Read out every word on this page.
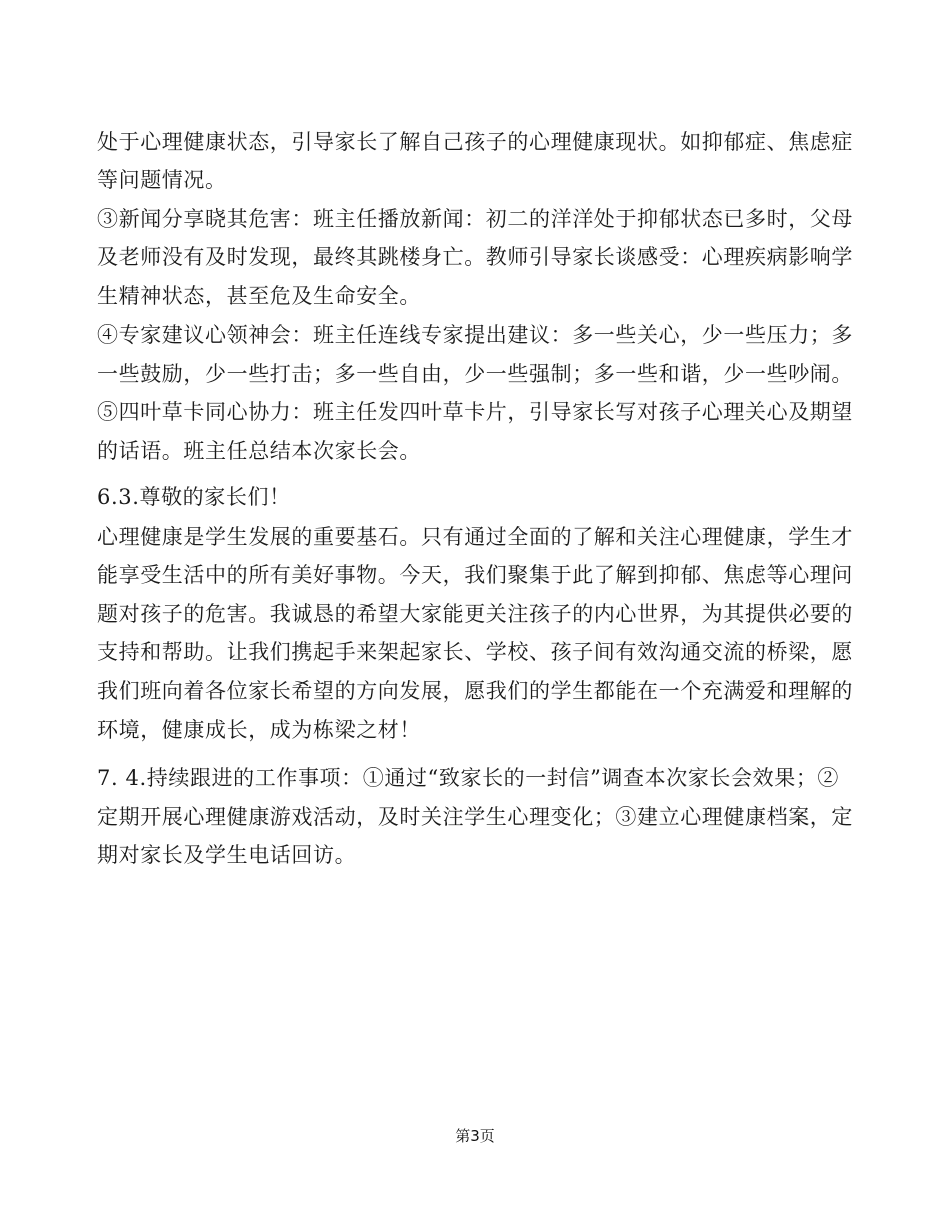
处于心理健康状态，引导家长了解自己孩子的心理健康现状。如抑郁症、焦虑症
等问题情况。
③新闻分享晓其危害：班主任播放新闻：初二的洋洋处于抑郁状态已多时，父母
及老师没有及时发现，最终其跳楼身亡。教师引导家长谈感受：心理疾病影响学
生精神状态，甚至危及生命安全。
④专家建议心领神会：班主任连线专家提出建议：多一些关心，少一些压力；多
一些鼓励，少一些打击；多一些自由，少一些强制；多一些和谐，少一些吵闹。
⑤四叶草卡同心协力：班主任发四叶草卡片，引导家长写对孩子心理关心及期望
的话语。班主任总结本次家长会。
6.3.尊敬的家长们！
心理健康是学生发展的重要基石。只有通过全面的了解和关注心理健康，学生才
能享受生活中的所有美好事物。今天，我们聚集于此了解到抑郁、焦虑等心理问
题对孩子的危害。我诚恳的希望大家能更关注孩子的内心世界，为其提供必要的
支持和帮助。让我们携起手来架起家长、学校、孩子间有效沟通交流的桥梁，愿
我们班向着各位家长希望的方向发展，愿我们的学生都能在一个充满爱和理解的
环境，健康成长，成为栋梁之材！
7. 4.持续跟进的工作事项：①通过“致家长的一封信”调查本次家长会效果；②
定期开展心理健康游戏活动，及时关注学生心理变化；③建立心理健康档案，定
期对家长及学生电话回访。
第3页
